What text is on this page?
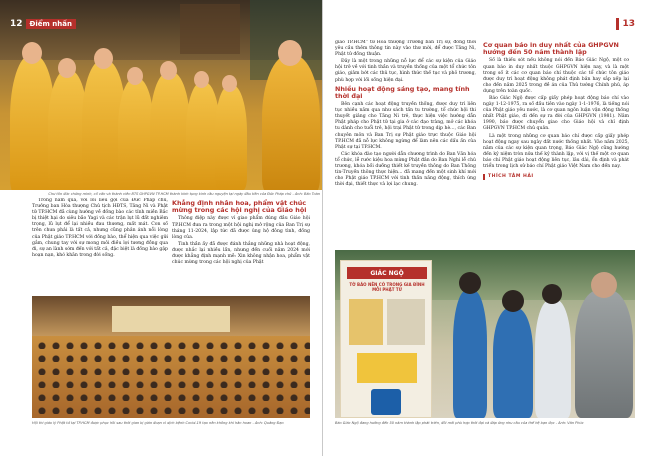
12	Điểm nhấn
Chư tôn đức chứng minh, cố vấn và thành viên BTS GHPGVN TP.HCM thành kính tụng kinh cầu nguyện tại ngày đầu tiên của Đức Pháp chủ - Ảnh: Bảo Toàn

Trong năm qua, với lối liêu gợi của Đức Pháp chủ, Trưởng ban Hòa thượng Chủ tịch HĐTS, Tăng Ni và Phật tử TP.HCM đã cùng hướng về đồng bào các tỉnh miền Bắc bị thiệt hại do siêu bão Yagi và các trận lụt lũ đất nghiêm trọng, lũ lụt để lại nhiều đau thương, mất mát. Con số trên chưa phải là tất cả, nhưng cũng phản ánh nỗi lòng của Phật giáo TP.HCM với đồng bào, thể hiện qua việc gửi gắm, chung tay với sự mong mỏi điều lợi tương đồng qua đi, sự an lành sớm đến với tất cả, đặc biệt là đồng bào gặp hoạn nạn, khó khăn trong đời sống.

Khẳng định nhân hoa, phẩm vật chúc mừng trong các hội nghị của Giáo hội

Thông điệp này được ví giao phẩm đúng đầu Giáo hội TP.HCM đưa ra trong một hội nghị mở rộng của Ban Trị sự tháng 11-2024, lập tức đã được ủng hộ đông tình, đồng lòng của.

Tinh thần ấy đã được đánh thắng những nhà hoạt động, được nhắc lại nhiều lần, nhưng đến cuối năm 2024 mới được khẳng định mạnh mẽ: Xin không nhận hoa, phẩm vật chúc mừng trong các hội nghị của Phật

Hội thi giáo lý Phật tử tại TP.HCM được phục hồi sau thời gian bị gián đoạn vì dịch bệnh Covid-19 tạo nên không khí hân hoan - Ảnh: Quảng Đạo
13

giáo TP.HCM” từ Hòa thượng Trưởng ban Trị sự, đồng thời yêu cầu thêm thông tin này vào thư mời, để được Tăng Ni, Phật tử đồng thuận.

Đây là một trong những nỗ lực để các sự kiện của Giáo hội trở về với tinh thần và truyền thống của một tổ chức tôn giáo, giảm bớt các thủ tục, hình thức thế tục và phô trương, phù hợp với lối sống hiện đại.

Nhiều hoạt động sáng tạo, mang tính thời đại

Bên cạnh các hoạt động truyền thống, được duy trì liên tục nhiều năm qua như sách tấn tu trường, tổ chức hội thi thuyết giảng cho Tăng Ni trẻ, thực hiện việc hướng dẫn Phật pháp cho Phật tử tại gia ở các đạo tràng, mở các khóa tu dành cho tuổi trẻ, hội trại Phật tử trong dịp hè..., các Ban chuyên môn và Ban Trị sự Phật giáo trực thuộc Giáo hội TP.HCM đã nỗ lực không ngừng để làm nên các dấu ấn của Phật sự tại TP.HCM.

Các khóa đào tạo người dẫn chương trình do Ban Văn hóa tổ chức, lễ rước kiệu hoa mừng Phật đản do Ban Nghi lễ chủ trương, khóa bồi dưỡng thiết kế truyền thông do Ban Thông tin-Truyền thông thực hiện... đã mang đến một sinh khí mới cho Phật giáo TP.HCM với tinh thần năng động, thích ứng thời đại, thiết thực và lợi lạc chung.

Cơ quan báo in duy nhất của GHPGVN hướng đến 50 năm thành lập

Số là thiếu sót nếu không nói đến Báo Giác Ngộ, một cơ quan báo in duy nhất thuộc GHPGVN hiện nay, và là một trong số ít các cơ quan báo chí thuộc các tổ chức tôn giáo được duy trì hoạt động không phát định bản hay sắp xếp lại cho đến năm 2025 trong đề án của Thủ tướng Chính phủ, áp dụng trên toàn quốc.

Báo Giác Ngộ được cấp giấy phép hoạt động báo chí vào ngày 1-12-1975, ra số đầu tiên vào ngày 1-1-1976, là tiếng nói của Phật giáo yêu nước, là cơ quan ngôn luận vận động thống nhất Phật giáo, đi đến sự ra đời của GHPGVN (1981). Năm 1990, báo được chuyển giao cho Giáo hội và chỉ định GHPGVN TP.HCM chủ quản.

Là một trong những cơ quan báo chí được cấp giấy phép hoạt động ngay sau ngày đất nước thống nhất. Vào năm 2025, năm của các sự kiện quan trọng, Báo Giác Ngộ cũng hướng đến kỷ niệm tròn nửa thế kỷ thành lập, với vị thế một cơ quan báo chí Phật giáo hoạt động liên tục, lâu dài, ổn định và phát triển trong lịch sử báo chí Phật giáo Việt Nam cho đến nay.

THÍCH TÂM HẢI
GIÁC NGỘ
TỜ BÁO NÊN CÓ TRONG GIA ĐÌNH MỖI PHẬT TỬ
Báo Giác Ngộ đang hướng đến 50 năm thành lập phát triển, đồi mới phù hợp thời đại và đáp ứng nhu cầu của thế hệ bạn đọc - Ảnh: Văn Phúc
